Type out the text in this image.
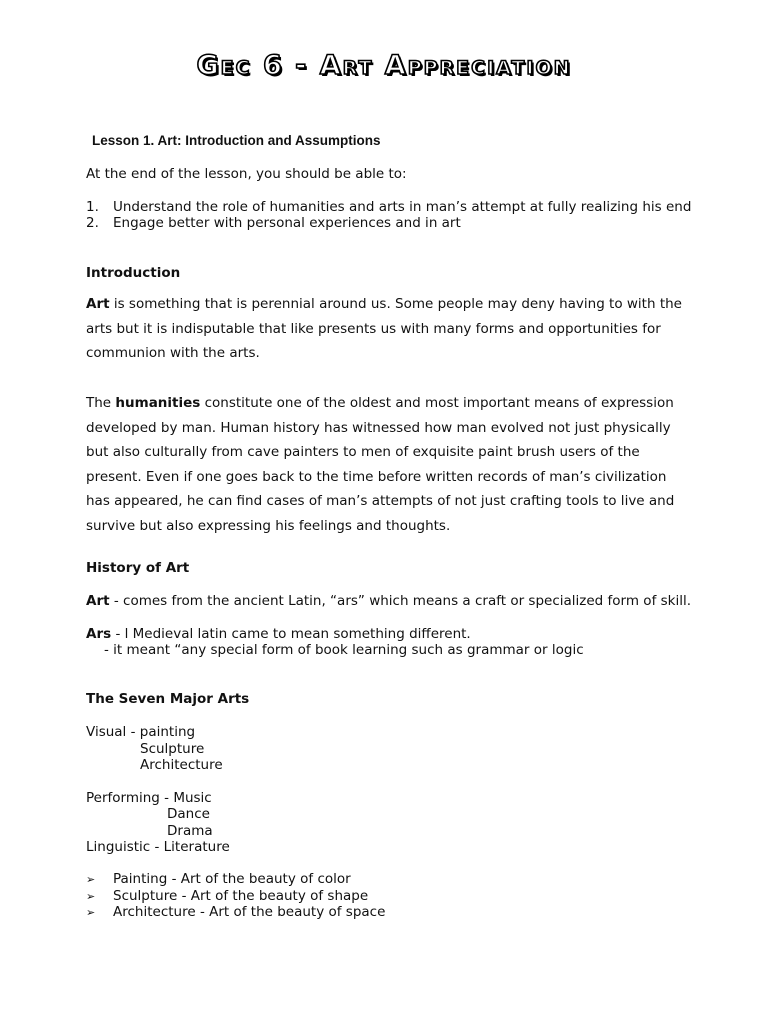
Gec 6 - Art Appreciation
Lesson 1. Art: Introduction and Assumptions
At the end of the lesson, you should be able to:
1. Understand the role of humanities and arts in man’s attempt at fully realizing his end
2. Engage better with personal experiences and in art
Introduction
Art is something that is perennial around us. Some people may deny having to with the arts but it is indisputable that like presents us with many forms and opportunities for communion with the arts.
The humanities constitute one of the oldest and most important means of expression developed by man. Human history has witnessed how man evolved not just physically but also culturally from cave painters to men of exquisite paint brush users of the present. Even if one goes back to the time before written records of man’s civilization has appeared, he can find cases of man’s attempts of not just crafting tools to live and survive but also expressing his feelings and thoughts.
History of Art
Art - comes from the ancient Latin, “ars” which means a craft or specialized form of skill.
Ars - l Medieval latin came to mean something different.
- it meant “any special form of book learning such as grammar or logic
The Seven Major Arts
Visual - painting
Sculpture
Architecture
Performing - Music
Dance
Drama
Linguistic - Literature
➢ Painting - Art of the beauty of color
➢ Sculpture - Art of the beauty of shape
➢ Architecture - Art of the beauty of space
